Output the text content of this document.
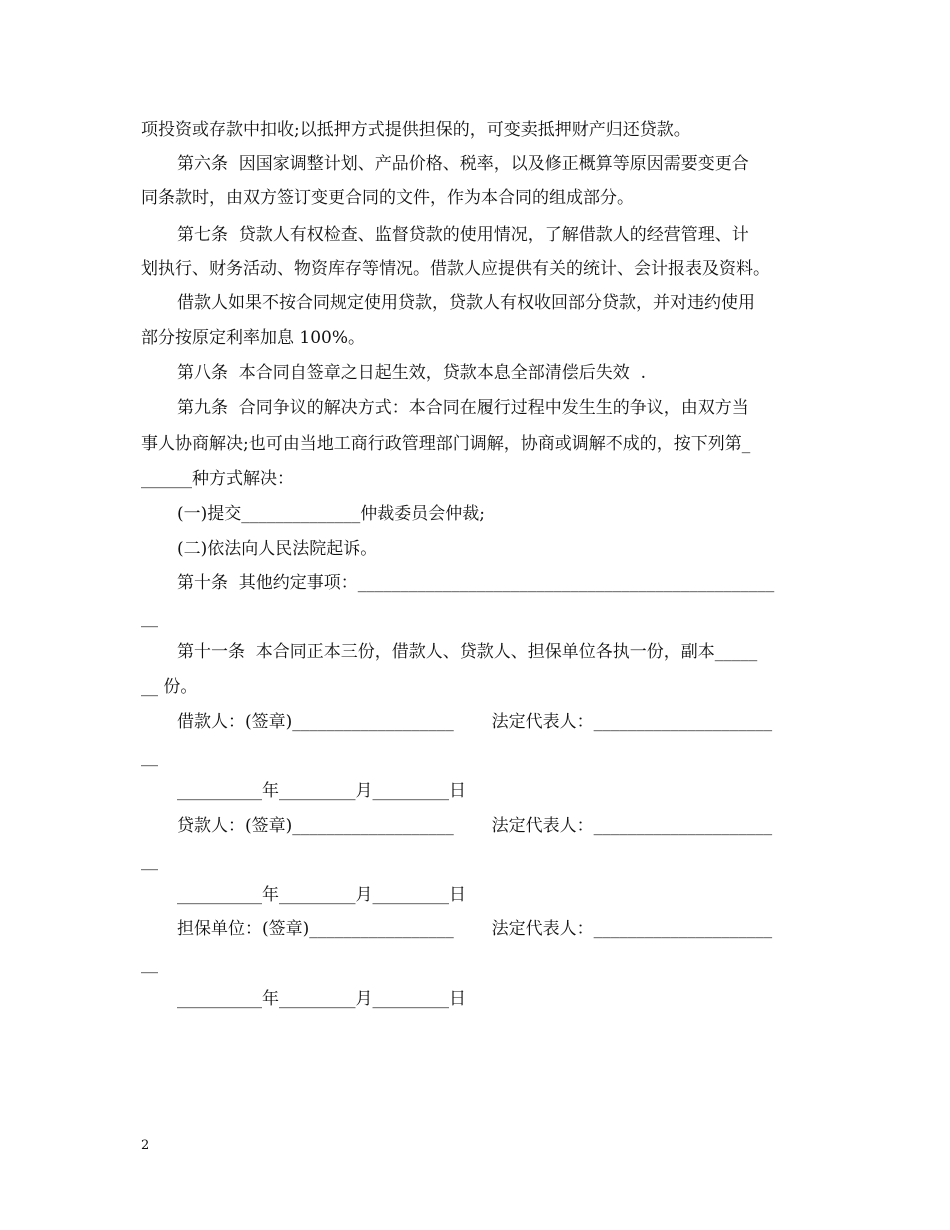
项投资或存款中扣收;以抵押方式提供担保的，可变卖抵押财产归还贷款。
第六条  因国家调整计划、产品价格、税率，以及修正概算等原因需要变更合
同条款时，由双方签订变更合同的文件，作为本合同的组成部分。
第七条  贷款人有权检查、监督贷款的使用情况，了解借款人的经营管理、计
划执行、财务活动、物资库存等情况。借款人应提供有关的统计、会计报表及资料。
借款人如果不按合同规定使用贷款，贷款人有权收回部分贷款，并对违约使用
部分按原定利率加息 100%。
第八条  本合同自签章之日起生效，贷款本息全部清偿后失效  .
第九条  合同争议的解决方式：本合同在履行过程中发生生的争议，由双方当
事人协商解决;也可由当地工商行政管理部门调解，协商或调解不成的，按下列第_
______种方式解决：
(一)提交______________仲裁委员会仲裁;
(二)依法向人民法院起诉。
第十条  其他约定事项：_________________________________________________
__
第十一条  本合同正本三份，借款人、贷款人、担保单位各执一份，副本_____
__ 份。
借款人：(签章)___________________       法定代表人：_____________________
__
__________年_________月_________日
贷款人：(签章)___________________       法定代表人：_____________________
__
__________年_________月_________日
担保单位：(签章)_________________       法定代表人：_____________________
__
__________年_________月_________日
2
